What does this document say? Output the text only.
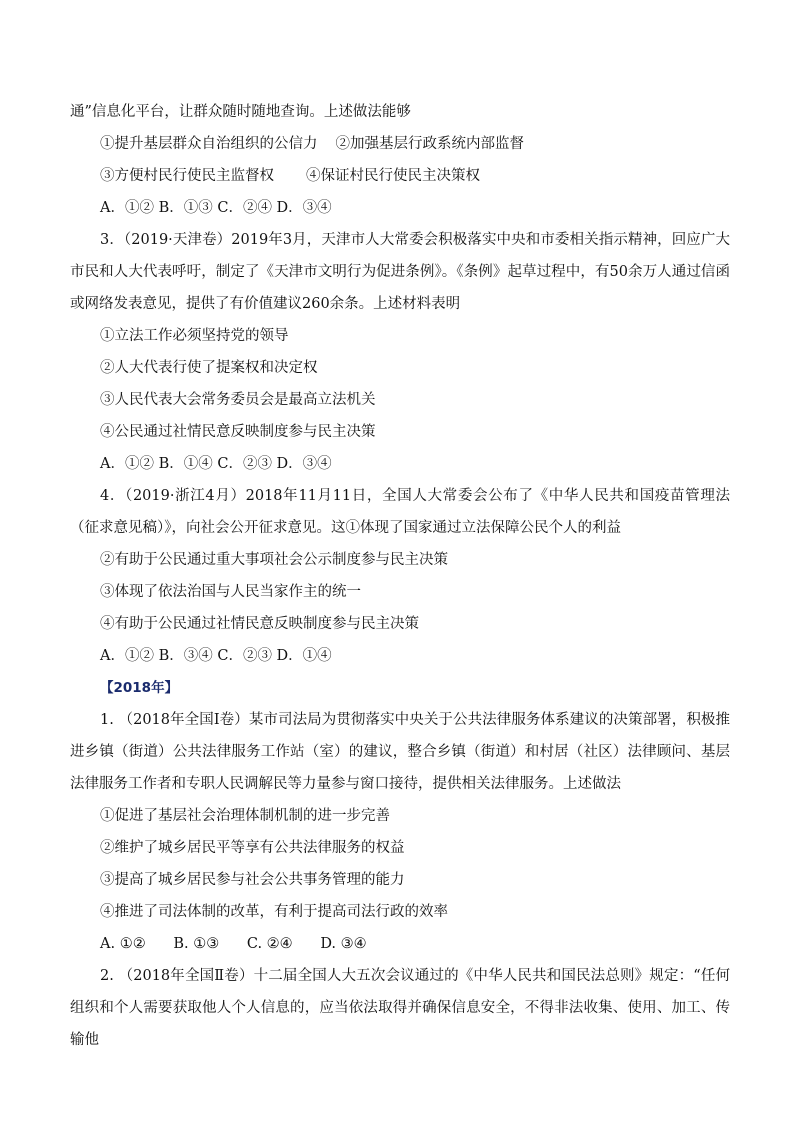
通”信息化平台，让群众随时随地查询。上述做法能够
①提升基层群众自治组织的公信力 ②加强基层行政系统内部监督
③方便村民行使民主监督权 ④保证村民行使民主决策权
A．①② B．①③ C．②④ D．③④

3．（2019·天津卷）2019年3月，天津市人大常委会积极落实中央和市委相关指示精神，回应广大市民和人大代表呼吁，制定了《天津市文明行为促进条例》。《条例》起草过程中，有50余万人通过信函或网络发表意见，提供了有价值建议260余条。上述材料表明

①立法工作必须坚持党的领导
②人大代表行使了提案权和决定权
③人民代表大会常务委员会是最高立法机关
④公民通过社情民意反映制度参与民主决策
A．①② B．①④ C．②③ D．③④

4．（2019·浙江4月）2018年11月11日，全国人大常委会公布了《中华人民共和国疫苗管理法（征求意见稿）》，向社会公开征求意见。这①体现了国家通过立法保障公民个人的利益

②有助于公民通过重大事项社会公示制度参与民主决策
③体现了依法治国与人民当家作主的统一
④有助于公民通过社情民意反映制度参与民主决策
A．①② B．③④ C．②③ D．①④
【2018年】

1. （2018年全国Ⅰ卷）某市司法局为贯彻落实中央关于公共法律服务体系建议的决策部署，积极推进乡镇（街道）公共法律服务工作站（室）的建议，整合乡镇（街道）和村居（社区）法律顾问、基层法律服务工作者和专职人民调解民等力量参与窗口接待，提供相关法律服务。上述做法

①促进了基层社会治理体制机制的进一步完善
②维护了城乡居民平等享有公共法律服务的权益
③提高了城乡居民参与社会公共事务管理的能力
④推进了司法体制的改革，有利于提高司法行政的效率
A. ①②      B. ①③      C. ②④      D. ③④

2. （2018年全国Ⅱ卷）十二届全国人大五次会议通过的《中华人民共和国民法总则》规定：“任何组织和个人需要获取他人个人信息的，应当依法取得并确保信息安全，不得非法收集、使用、加工、传输他
